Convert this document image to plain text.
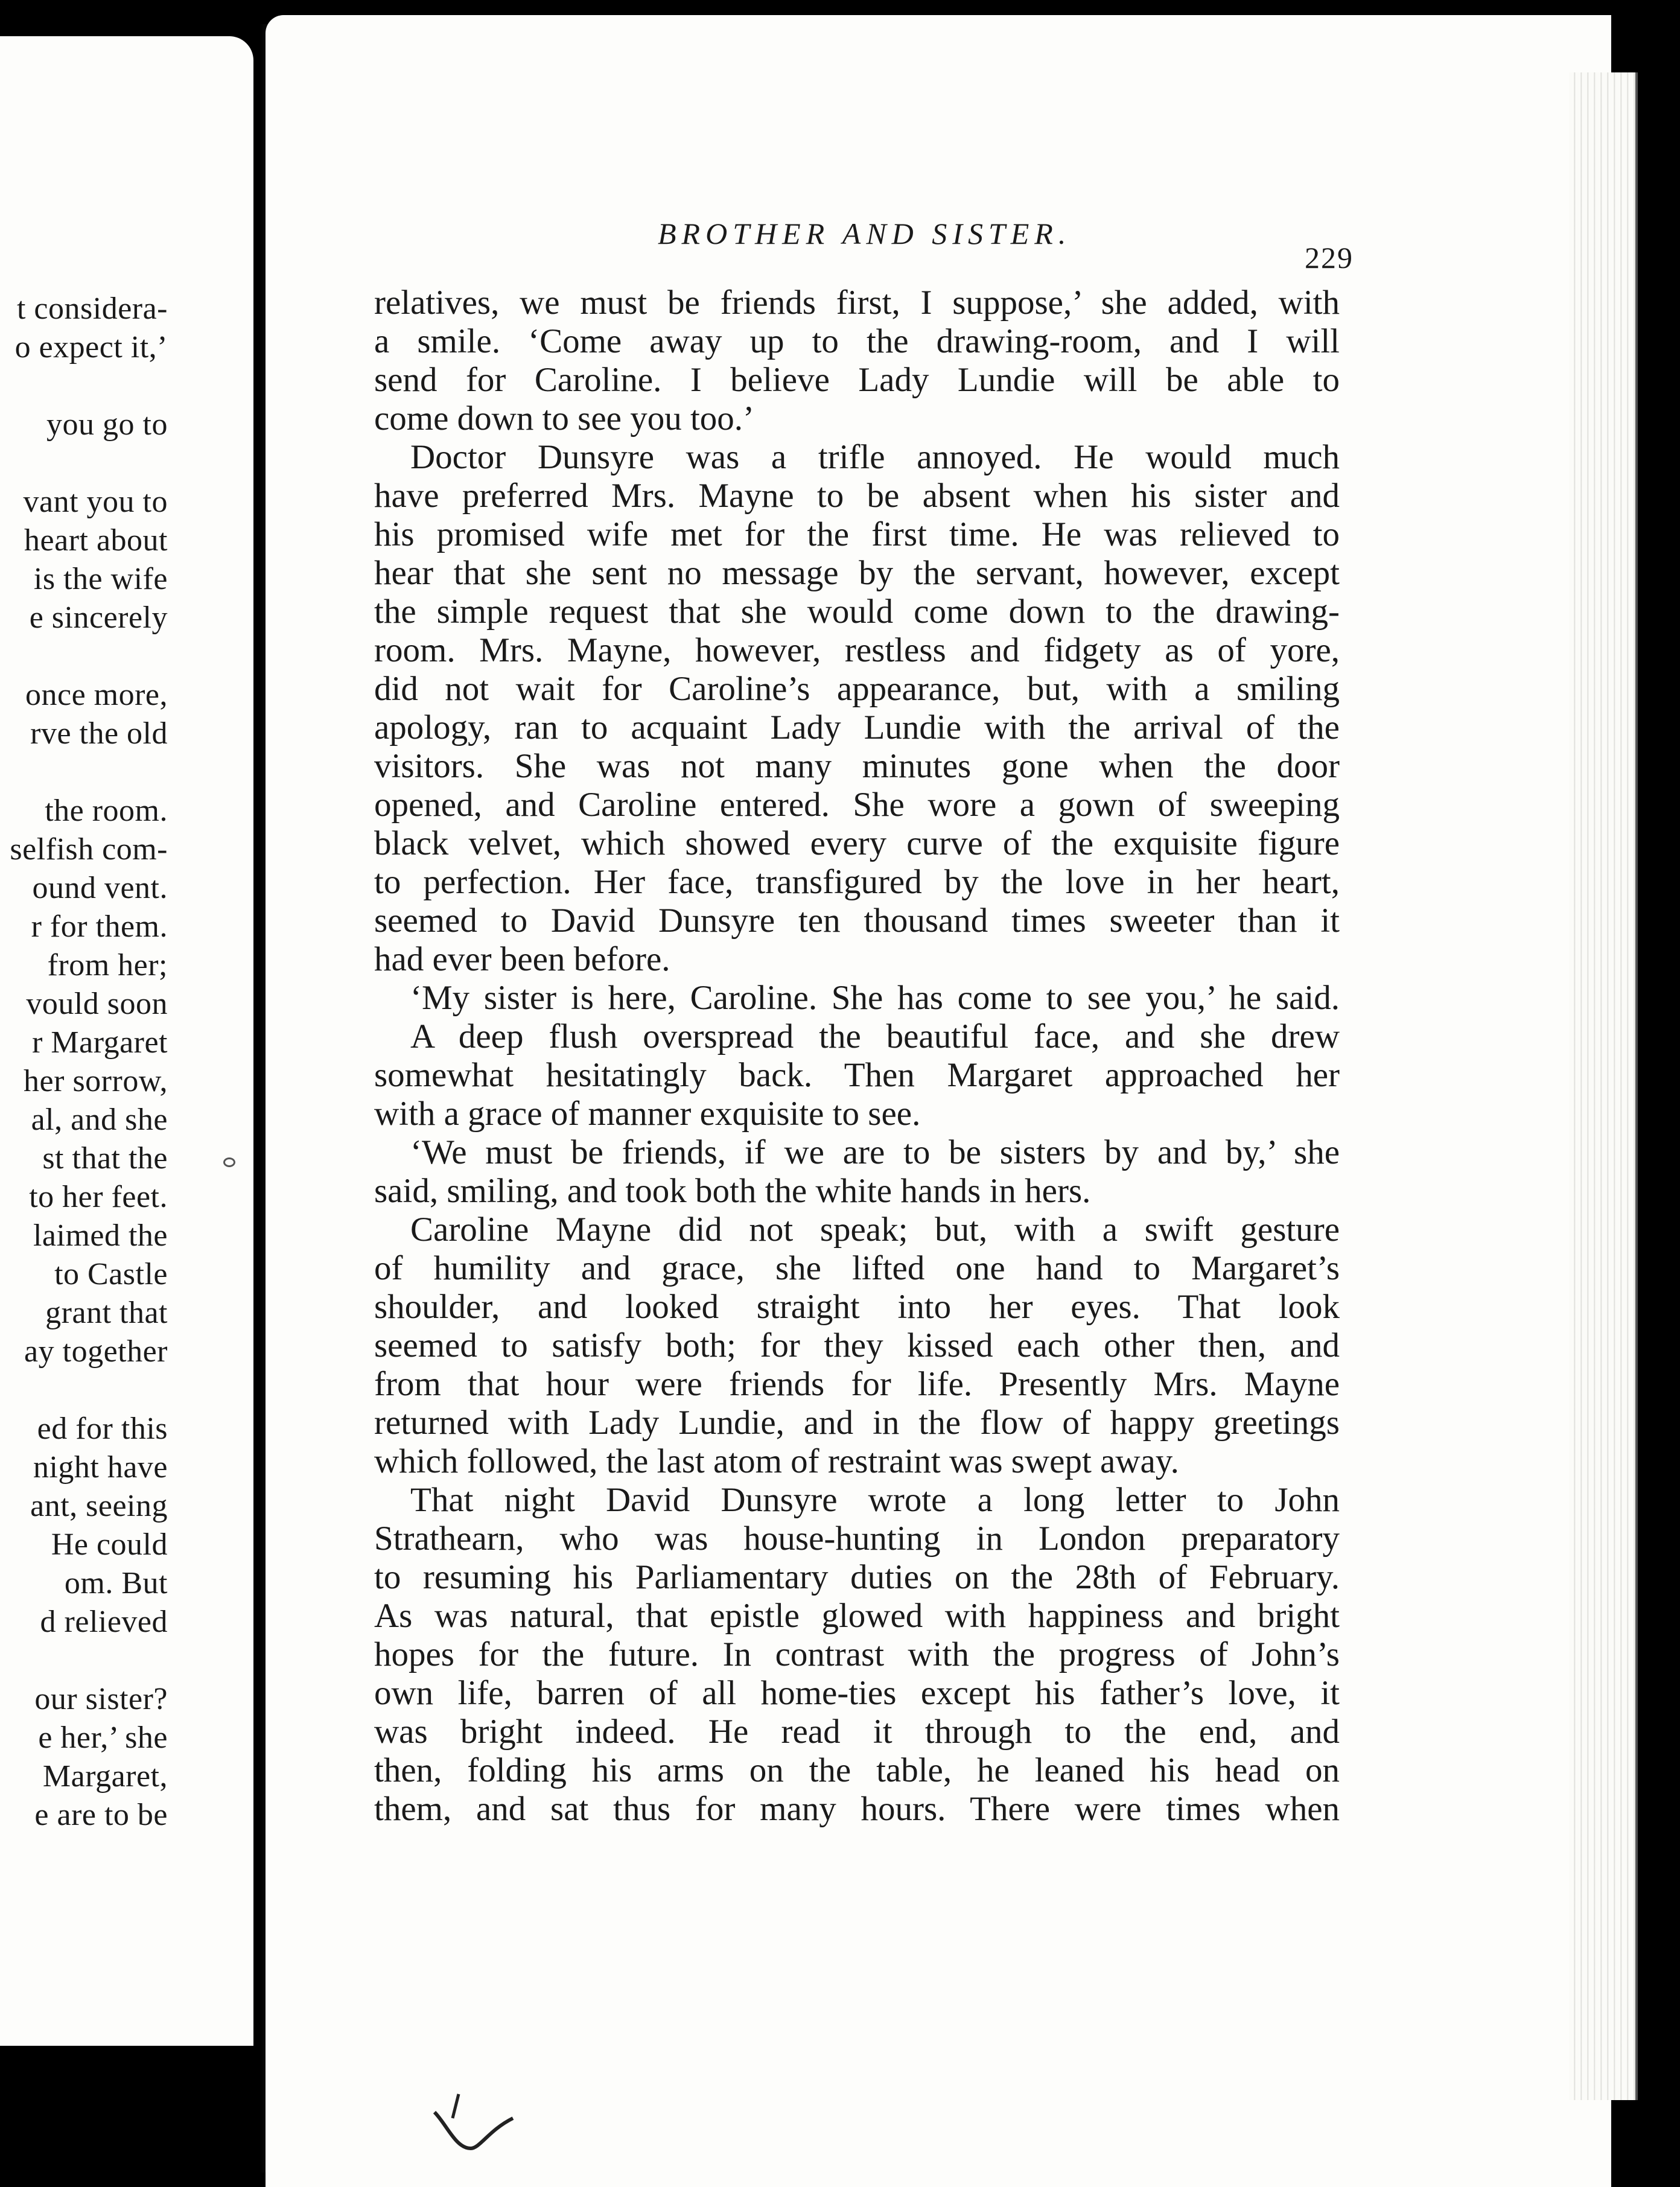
t considera-
o expect it,’
you go to
vant you to
heart about
is the wife
e sincerely
once more,
rve the old
the room.
selfish com-
ound vent.
r for them.
from her;
vould soon
r Margaret
her sorrow,
al, and she
st that the
to her feet.
laimed the
to Castle
grant that
ay together
ed for this
night have
ant, seeing
He could
om. But
d relieved
our sister?
e her,’ she
Margaret,
e are to be
BROTHER AND SISTER.
229
relatives, we must be friends first, I suppose,’ she added, with
a smile. ‘Come away up to the drawing-room, and I will
send for Caroline. I believe Lady Lundie will be able to
come down to see you too.’
Doctor Dunsyre was a trifle annoyed. He would much
have preferred Mrs. Mayne to be absent when his sister and
his promised wife met for the first time. He was relieved to
hear that she sent no message by the servant, however, except
the simple request that she would come down to the drawing-
room. Mrs. Mayne, however, restless and fidgety as of yore,
did not wait for Caroline’s appearance, but, with a smiling
apology, ran to acquaint Lady Lundie with the arrival of the
visitors. She was not many minutes gone when the door
opened, and Caroline entered. She wore a gown of sweeping
black velvet, which showed every curve of the exquisite figure
to perfection. Her face, transfigured by the love in her heart,
seemed to David Dunsyre ten thousand times sweeter than it
had ever been before.
‘My sister is here, Caroline. She has come to see you,’ he said.
A deep flush overspread the beautiful face, and she drew
somewhat hesitatingly back. Then Margaret approached her
with a grace of manner exquisite to see.
‘We must be friends, if we are to be sisters by and by,’ she
said, smiling, and took both the white hands in hers.
Caroline Mayne did not speak; but, with a swift gesture
of humility and grace, she lifted one hand to Margaret’s
shoulder, and looked straight into her eyes. That look
seemed to satisfy both; for they kissed each other then, and
from that hour were friends for life. Presently Mrs. Mayne
returned with Lady Lundie, and in the flow of happy greetings
which followed, the last atom of restraint was swept away.
That night David Dunsyre wrote a long letter to John
Strathearn, who was house-hunting in London preparatory
to resuming his Parliamentary duties on the 28th of February.
As was natural, that epistle glowed with happiness and bright
hopes for the future. In contrast with the progress of John’s
own life, barren of all home-ties except his father’s love, it
was bright indeed. He read it through to the end, and
then, folding his arms on the table, he leaned his head on
them, and sat thus for many hours. There were times when
